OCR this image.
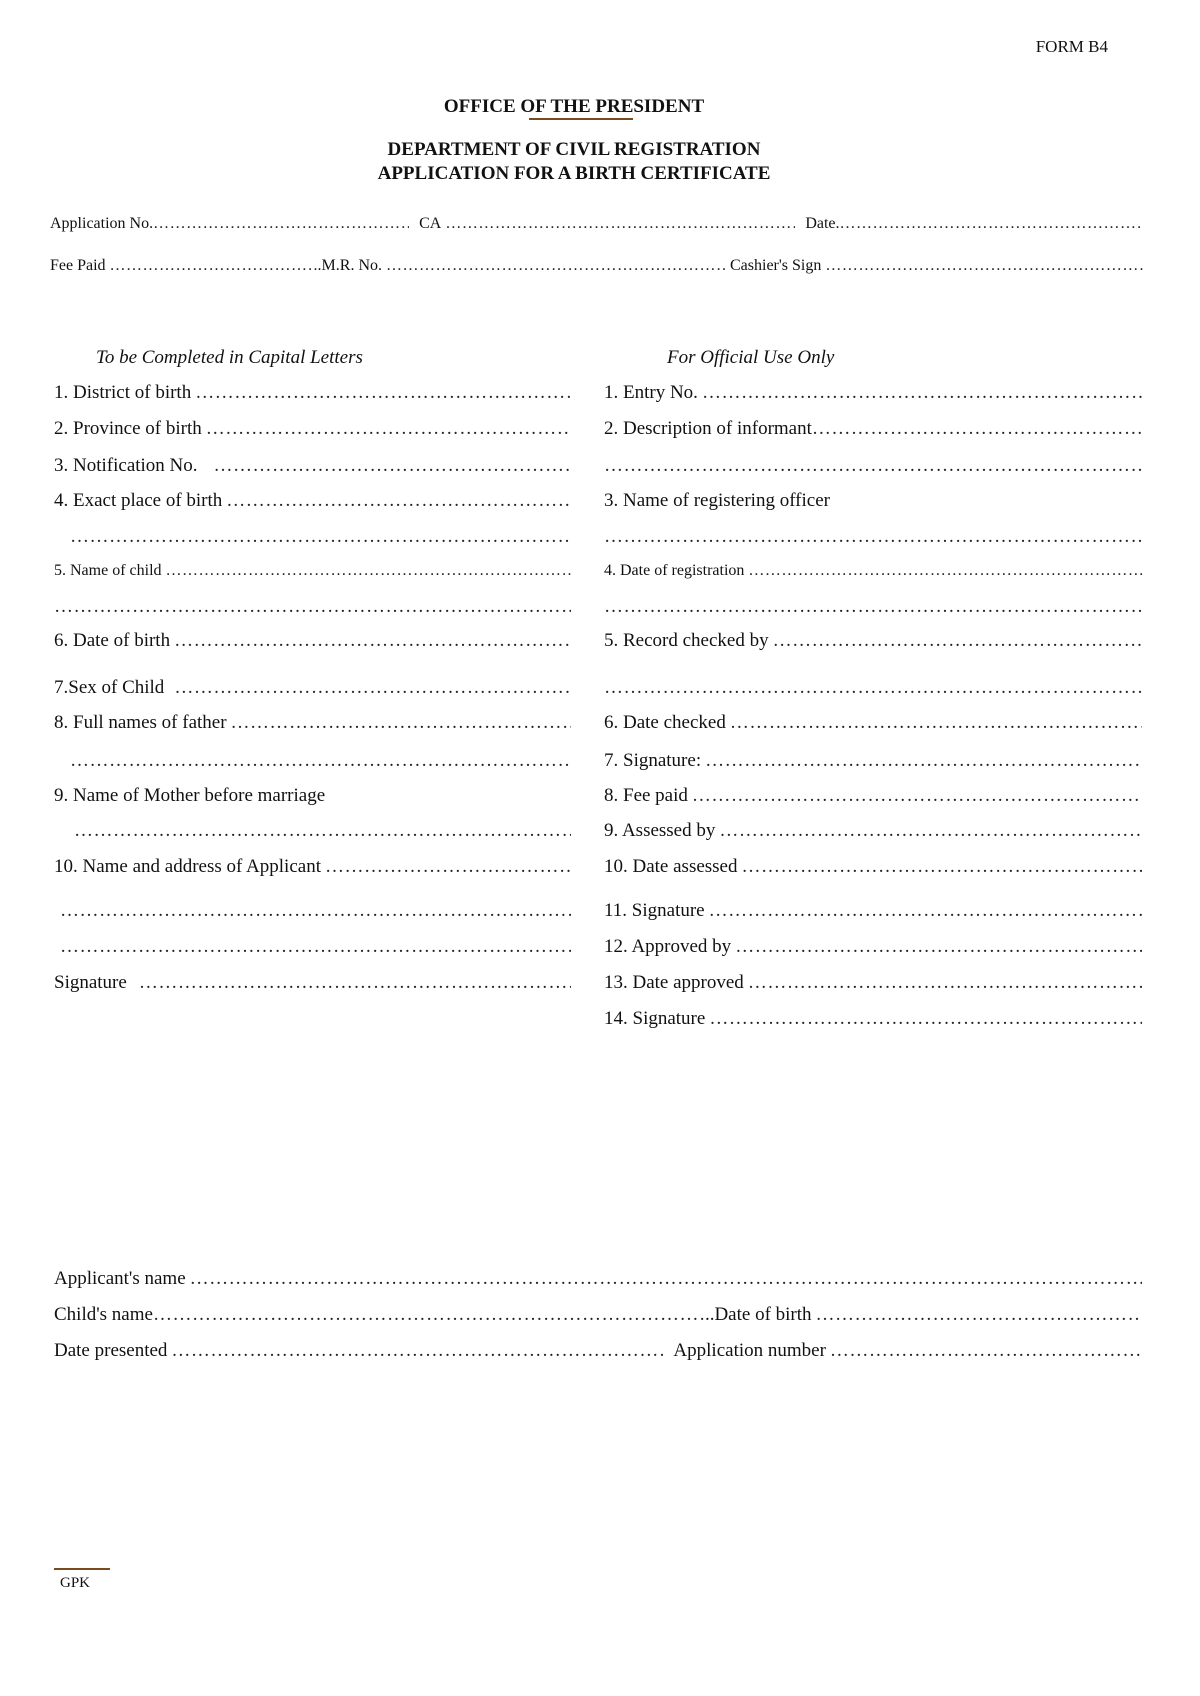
FORM B4
OFFICE OF THE PRESIDENT
DEPARTMENT OF CIVIL REGISTRATION
APPLICATION FOR A BIRTH CERTIFICATE
Application No. ………………………………………………………………………………………………………………………………………………………………………………………………………………………………………………………………………	CA ………………………………………………………………………………………………………………………………………………………………………………………………………………………………………………………………………	Date.
………………………………………………………………………………………………………………………………………………………………………………………………………………………………………………………………………
Fee Paid ………………………………………………………………………………………………………………………………………………………………………………………………………………………………………………………………………	.M.R. No. ………………………………………………………………………………………………………………………………………………………………………………………………………………………………………………………………………	Cashier's Sign
………………………………………………………………………………………………………………………………………………………………………………………………………………………………………………………………………
To be Completed in Capital Letters	For Official Use Only
1. District of birth
………………………………………………………………………………………………………………………………………………………………………………………………………………………………………………………………………
2. Province of birth
………………………………………………………………………………………………………………………………………………………………………………………………………………………………………………………………………
3. Notification No.
………………………………………………………………………………………………………………………………………………………………………………………………………………………………………………………………………
4. Exact place of birth
………………………………………………………………………………………………………………………………………………………………………………………………………………………………………………………………………
………………………………………………………………………………………………………………………………………………………………………………………………………………………………………………………………………
5. Name of child
………………………………………………………………………………………………………………………………………………………………………………………………………………………………………………………………………
………………………………………………………………………………………………………………………………………………………………………………………………………………………………………………………………………
6. Date of birth
………………………………………………………………………………………………………………………………………………………………………………………………………………………………………………………………………
7.Sex of Child
………………………………………………………………………………………………………………………………………………………………………………………………………………………………………………………………………
8. Full names of father
………………………………………………………………………………………………………………………………………………………………………………………………………………………………………………………………………
………………………………………………………………………………………………………………………………………………………………………………………………………………………………………………………………………
9. Name of Mother before marriage
………………………………………………………………………………………………………………………………………………………………………………………………………………………………………………………………………
10. Name and address of Applicant
………………………………………………………………………………………………………………………………………………………………………………………………………………………………………………………………………
………………………………………………………………………………………………………………………………………………………………………………………………………………………………………………………………………
………………………………………………………………………………………………………………………………………………………………………………………………………………………………………………………………………
Signature
………………………………………………………………………………………………………………………………………………………………………………………………………………………………………………………………………
1. Entry No.
………………………………………………………………………………………………………………………………………………………………………………………………………………………………………………………………………
2. Description of informant
………………………………………………………………………………………………………………………………………………………………………………………………………………………………………………………………………
………………………………………………………………………………………………………………………………………………………………………………………………………………………………………………………………………
3. Name of registering officer
………………………………………………………………………………………………………………………………………………………………………………………………………………………………………………………………………
4. Date of registration
………………………………………………………………………………………………………………………………………………………………………………………………………………………………………………………………………
………………………………………………………………………………………………………………………………………………………………………………………………………………………………………………………………………
5. Record checked by
………………………………………………………………………………………………………………………………………………………………………………………………………………………………………………………………………
………………………………………………………………………………………………………………………………………………………………………………………………………………………………………………………………………
6. Date checked
………………………………………………………………………………………………………………………………………………………………………………………………………………………………………………………………………
7. Signature:
………………………………………………………………………………………………………………………………………………………………………………………………………………………………………………………………………
8. Fee paid
………………………………………………………………………………………………………………………………………………………………………………………………………………………………………………………………………
9. Assessed by
………………………………………………………………………………………………………………………………………………………………………………………………………………………………………………………………………
10. Date assessed
………………………………………………………………………………………………………………………………………………………………………………………………………………………………………………………………………
11. Signature
………………………………………………………………………………………………………………………………………………………………………………………………………………………………………………………………………
12. Approved by
………………………………………………………………………………………………………………………………………………………………………………………………………………………………………………………………………
13. Date approved
………………………………………………………………………………………………………………………………………………………………………………………………………………………………………………………………………
14. Signature
………………………………………………………………………………………………………………………………………………………………………………………………………………………………………………………………………
Applicant's name
………………………………………………………………………………………………………………………………………………………………………………………………………………………………………………………………………
Child's name ………………………………………………………………………………………………………………………………………………………………………………………………………………………………………………………………………	..Date of birth
………………………………………………………………………………………………………………………………………………………………………………………………………………………………………………………………………
Date presented ………………………………………………………………………………………………………………………………………………………………………………………………………………………………………………………………………	Application number
………………………………………………………………………………………………………………………………………………………………………………………………………………………………………………………………………
GPK
